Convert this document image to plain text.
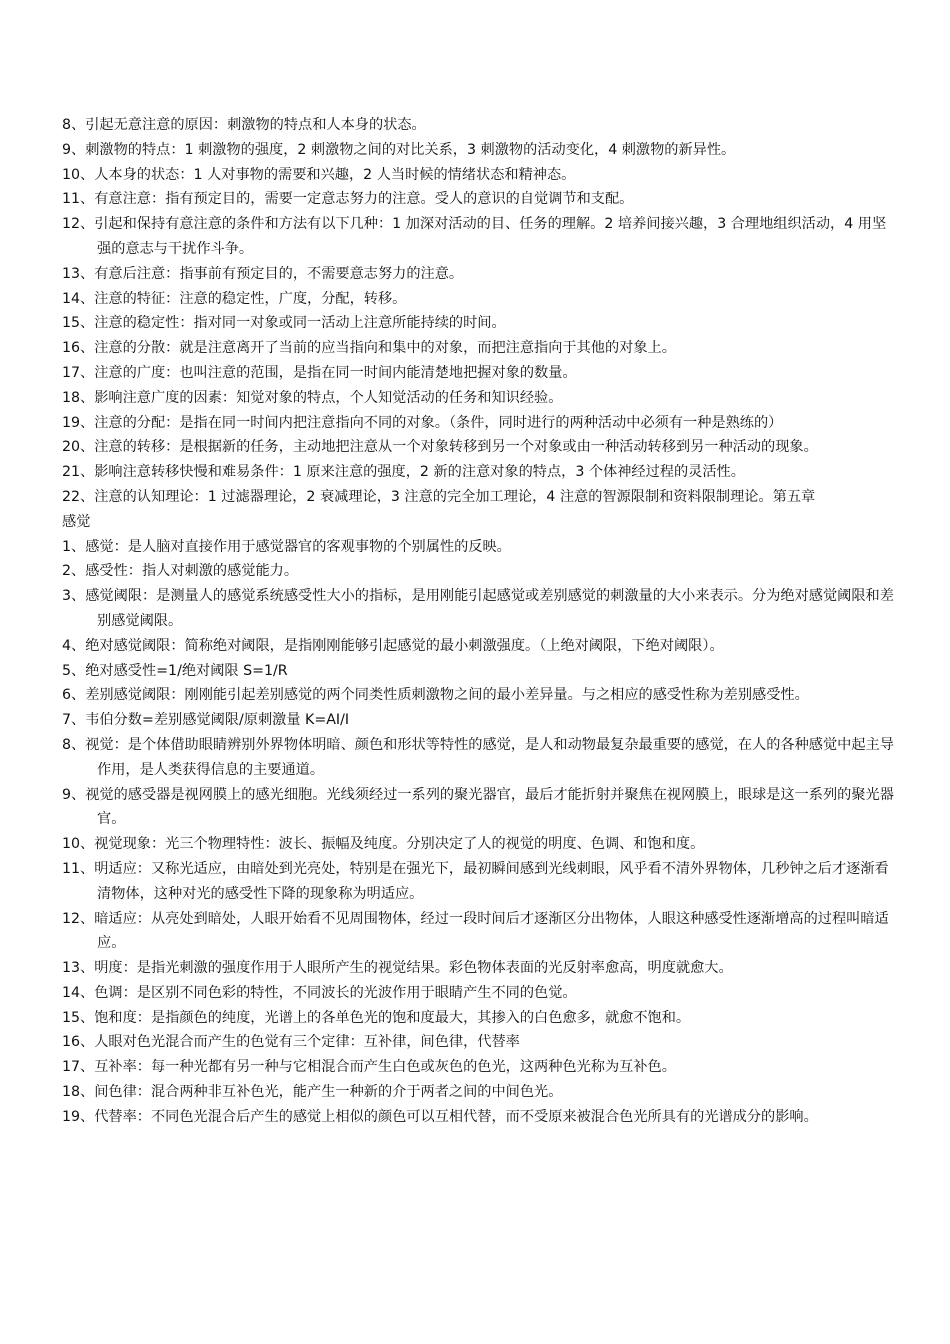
8、引起无意注意的原因：刺激物的特点和人本身的状态。

9、刺激物的特点：1 刺激物的强度，2 刺激物之间的对比关系，3 刺激物的活动变化，4 刺激物的新异性。

10、人本身的状态：1 人对事物的需要和兴趣，2 人当时候的情绪状态和精神态。

11、有意注意：指有预定目的，需要一定意志努力的注意。受人的意识的自觉调节和支配。

12、引起和保持有意注意的条件和方法有以下几种：1 加深对活动的目、任务的理解。2 培养间接兴趣，3 合理地组织活动，4 用坚强的意志与干扰作斗争。

13、有意后注意：指事前有预定目的，不需要意志努力的注意。

14、注意的特征：注意的稳定性，广度，分配，转移。

15、注意的稳定性：指对同一对象或同一活动上注意所能持续的时间。

16、注意的分散：就是注意离开了当前的应当指向和集中的对象，而把注意指向于其他的对象上。

17、注意的广度：也叫注意的范围，是指在同一时间内能清楚地把握对象的数量。

18、影响注意广度的因素：知觉对象的特点，个人知觉活动的任务和知识经验。

19、注意的分配：是指在同一时间内把注意指向不同的对象。（条件，同时进行的两种活动中必须有一种是熟练的）

20、注意的转移：是根据新的任务，主动地把注意从一个对象转移到另一个对象或由一种活动转移到另一种活动的现象。

21、影响注意转移快慢和难易条件：1 原来注意的强度，2 新的注意对象的特点，3 个体神经过程的灵活性。

22、注意的认知理论：1 过滤器理论，2 衰减理论，3 注意的完全加工理论，4 注意的智源限制和资料限制理论。第五章

感觉

1、感觉：是人脑对直接作用于感觉器官的客观事物的个别属性的反映。

2、感受性：指人对刺激的感觉能力。

3、感觉阈限：是测量人的感觉系统感受性大小的指标，是用刚能引起感觉或差别感觉的刺激量的大小来表示。分为绝对感觉阈限和差别感觉阈限。

4、绝对感觉阈限：简称绝对阈限，是指刚刚能够引起感觉的最小刺激强度。（上绝对阈限，下绝对阈限）。

5、绝对感受性=1/绝对阈限 S=1/R

6、差别感觉阈限：刚刚能引起差别感觉的两个同类性质刺激物之间的最小差异量。与之相应的感受性称为差别感受性。

7、韦伯分数=差别感觉阈限/原刺激量 K=AI/I

8、视觉：是个体借助眼睛辨别外界物体明暗、颜色和形状等特性的感觉，是人和动物最复杂最重要的感觉，在人的各种感觉中起主导作用，是人类获得信息的主要通道。

9、视觉的感受器是视网膜上的感光细胞。光线须经过一系列的聚光器官，最后才能折射并聚焦在视网膜上，眼球是这一系列的聚光器官。

10、视觉现象：光三个物理特性：波长、振幅及纯度。分别决定了人的视觉的明度、色调、和饱和度。

11、明适应：又称光适应，由暗处到光亮处，特别是在强光下，最初瞬间感到光线刺眼，风乎看不清外界物体，几秒钟之后才逐渐看清物体，这种对光的感受性下降的现象称为明适应。

12、暗适应：从亮处到暗处，人眼开始看不见周围物体，经过一段时间后才逐渐区分出物体，人眼这种感受性逐渐增高的过程叫暗适应。

13、明度：是指光刺激的强度作用于人眼所产生的视觉结果。彩色物体表面的光反射率愈高，明度就愈大。

14、色调：是区别不同色彩的特性，不同波长的光波作用于眼睛产生不同的色觉。

15、饱和度：是指颜色的纯度，光谱上的各单色光的饱和度最大，其掺入的白色愈多，就愈不饱和。

16、人眼对色光混合而产生的色觉有三个定律：互补律，间色律，代替率

17、互补率：每一种光都有另一种与它相混合而产生白色或灰色的色光，这两种色光称为互补色。

18、间色律：混合两种非互补色光，能产生一种新的介于两者之间的中间色光。

19、代替率：不同色光混合后产生的感觉上相似的颜色可以互相代替，而不受原来被混合色光所具有的光谱成分的影响。
